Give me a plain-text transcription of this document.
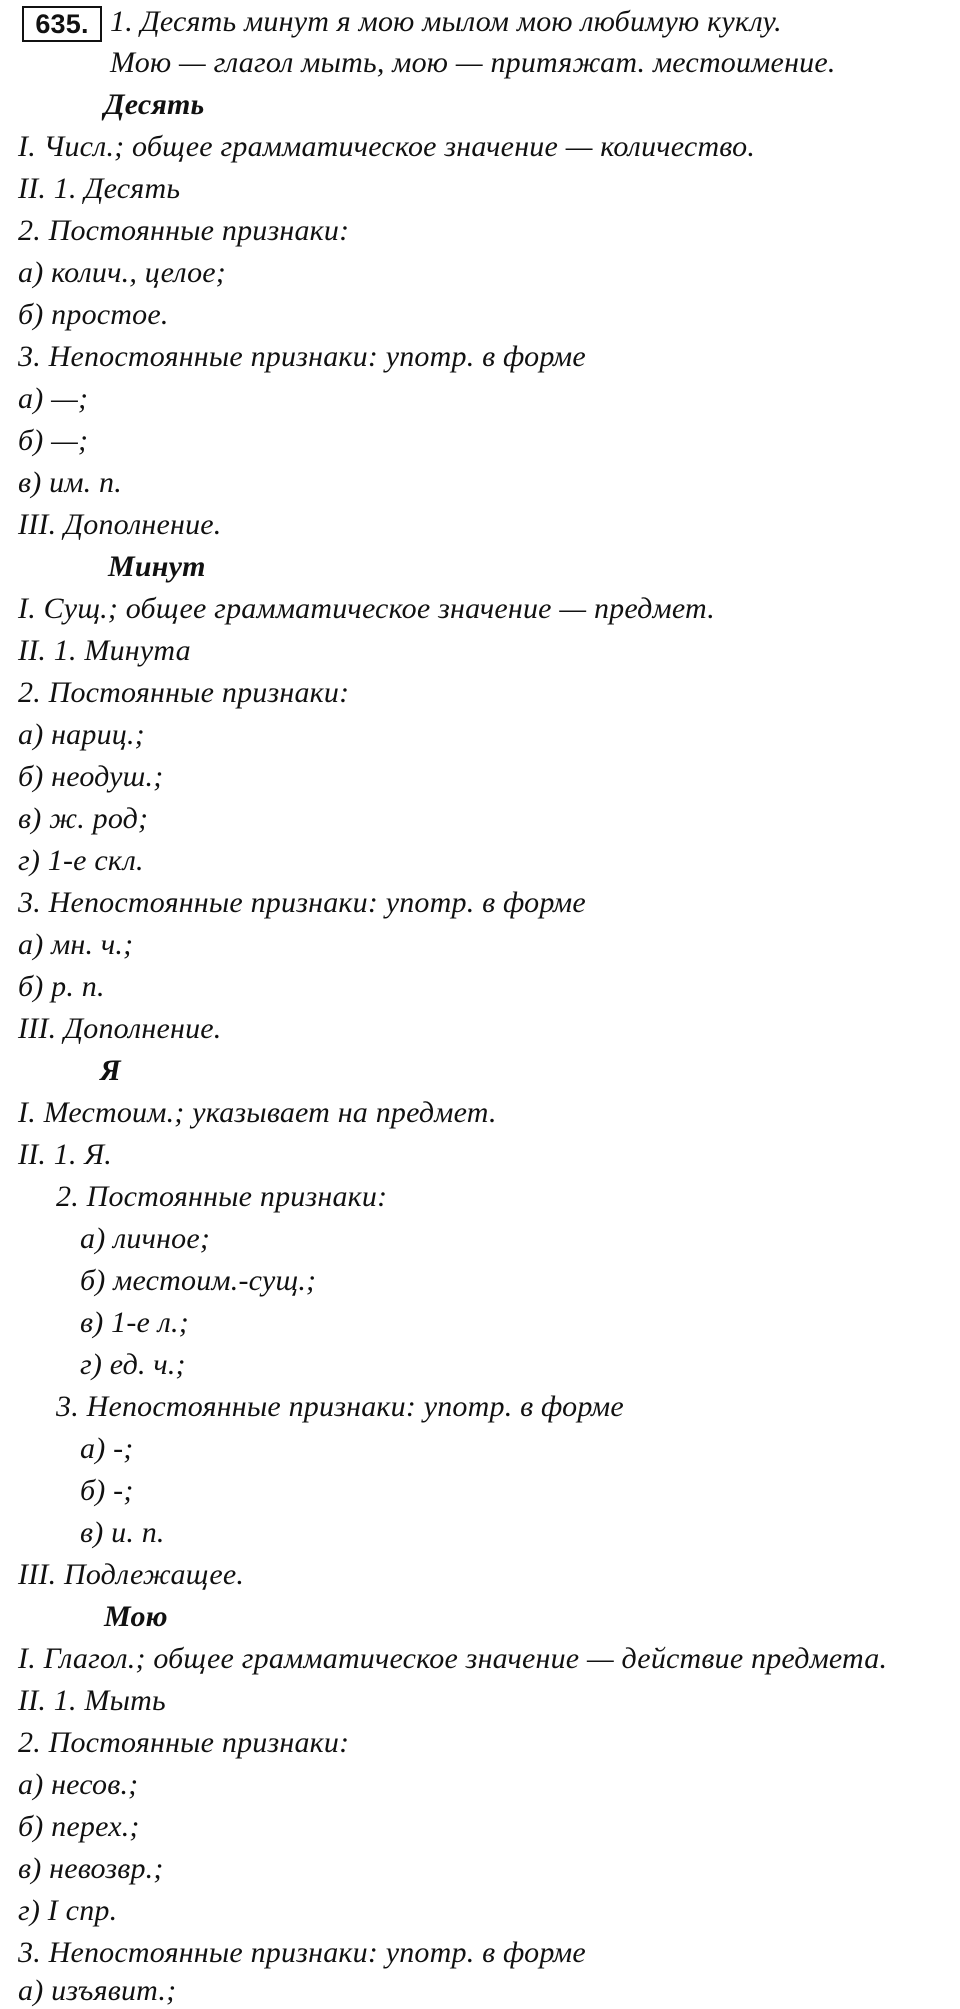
635. 1. Десять минут я мою мылом мою любимую куклу.
Мою — глагол мыть, мою — притяжат. местоимение.
Десять
I. Числ.; общее грамматическое значение — количество.
II. 1. Десять
2. Постоянные признаки:
а) колич., целое;
б) простое.
3. Непостоянные признаки: употр. в форме
а) —;
б) —;
в) им. п.
III. Дополнение.
Минут
I. Сущ.; общее грамматическое значение — предмет.
II. 1. Минута
2. Постоянные признаки:
а) нариц.;
б) неодуш.;
в) ж. род;
г) 1-е скл.
3. Непостоянные признаки: употр. в форме
а) мн. ч.;
б) р. п.
III. Дополнение.
Я
I. Местоим.; указывает на предмет.
II. 1. Я.
2. Постоянные признаки:
а) личное;
б) местоим.-сущ.;
в) 1-е л.;
г) ед. ч.;
3. Непостоянные признаки: употр. в форме
а) -;
б) -;
в) и. п.
III. Подлежащее.
Мою
I. Глагол.; общее грамматическое значение — действие предмета.
II. 1. Мыть
2. Постоянные признаки:
а) несов.;
б) перех.;
в) невозвр.;
г) I спр.
3. Непостоянные признаки: употр. в форме
а) изъявит.;
